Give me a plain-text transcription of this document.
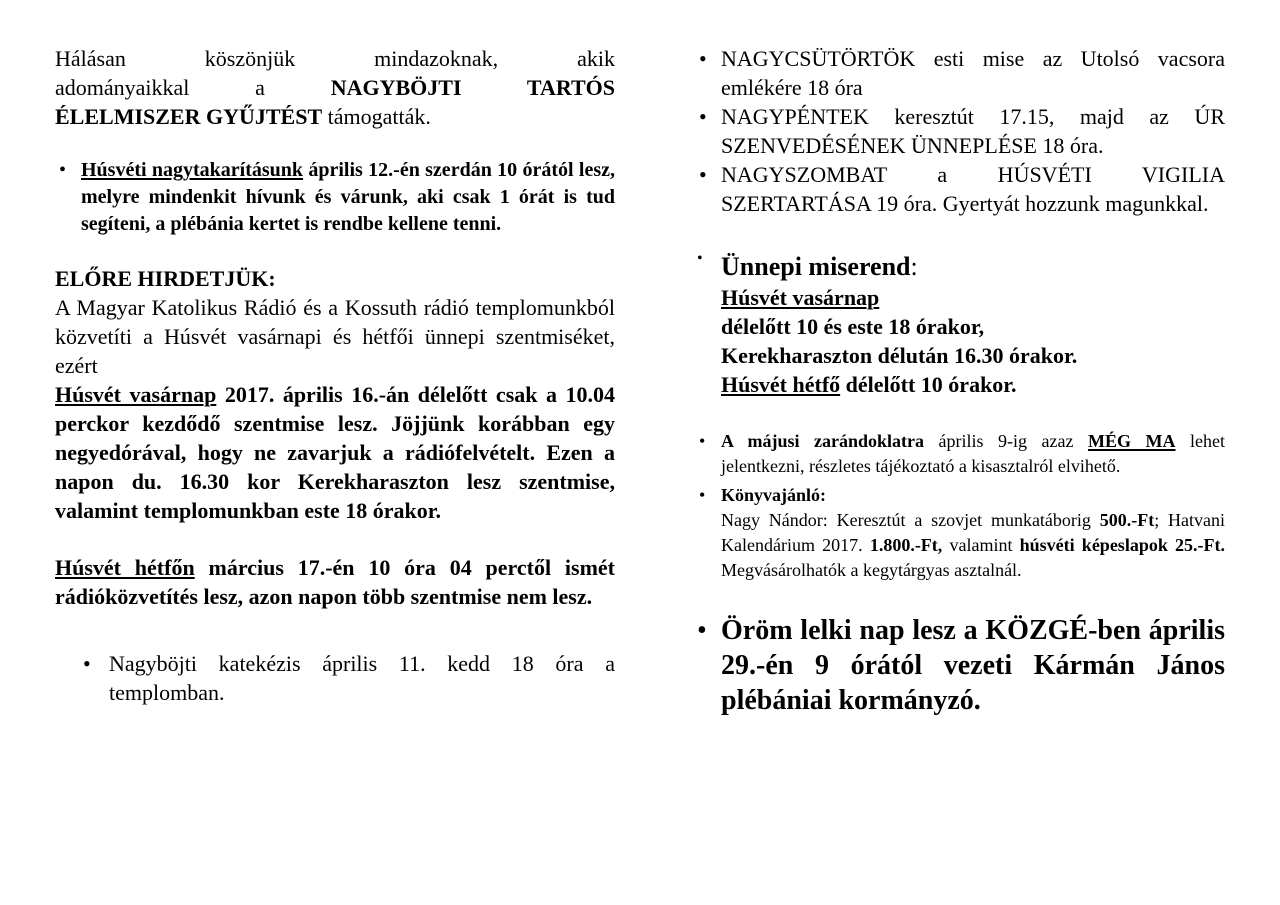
Hálásan köszönjük mindazoknak, akik

adományaikkal a NAGYBÖJTI TARTÓS

ÉLELMISZER GYŰJTÉST támogatták.

• Húsvéti nagytakarításunk április 12.-én szerdán 10 órától lesz, melyre mindenkit hívunk és várunk, aki csak 1 órát is tud segíteni, a plébánia kertet is rendbe kellene tenni.

ELŐRE HIRDETJÜK:

A Magyar Katolikus Rádió és a Kossuth rádió templomunkból közvetíti a Húsvét vasárnapi és hétfői ünnepi szentmiséket, ezért

Húsvét vasárnap 2017. április 16.-án délelőtt csak a 10.04 perckor kezdődő szentmise lesz. Jöjjünk korábban egy negyedórával, hogy ne zavarjuk a rádiófelvételt. Ezen a napon du. 16.30 kor Kerekharaszton lesz szentmise, valamint templomunkban este 18 órakor.

Húsvét hétfőn március 17.-én 10 óra 04 perctől ismét rádióközvetítés lesz, azon napon több szentmise nem lesz.

• Nagyböjti katekézis április 11. kedd 18 óra a templomban.
• NAGYCSÜTÖRTÖK esti mise az Utolsó vacsora emlékére 18 óra
• NAGYPÉNTEK keresztút 17.15, majd az ÚR SZENVEDÉSÉNEK ÜNNEPLÉSE 18 óra.
• NAGYSZOMBAT a HÚSVÉTI VIGILIA SZERTARTÁSA 19 óra. Gyertyát hozzunk magunkkal.

• Ünnepi miserend:

Húsvét vasárnap

délelőtt 10 és este 18 órakor,

Kerekharaszton délután 16.30 órakor.

Húsvét hétfő délelőtt 10 órakor.

• A májusi zarándoklatra április 9-ig azaz MÉG MA lehet jelentkezni, részletes tájékoztató a kisasztalról elvihető.

• Könyvajánló:

Nagy Nándor: Keresztút a szovjet munkatáborig 500.-Ft; Hatvani Kalendárium 2017. 1.800.-Ft, valamint húsvéti képeslapok 25.-Ft. Megvásárolhatók a kegytárgyas asztalnál.

• Öröm lelki nap lesz a KÖZGÉ-ben április 29.-én 9 órától vezeti Kármán János plébániai kormányzó.
